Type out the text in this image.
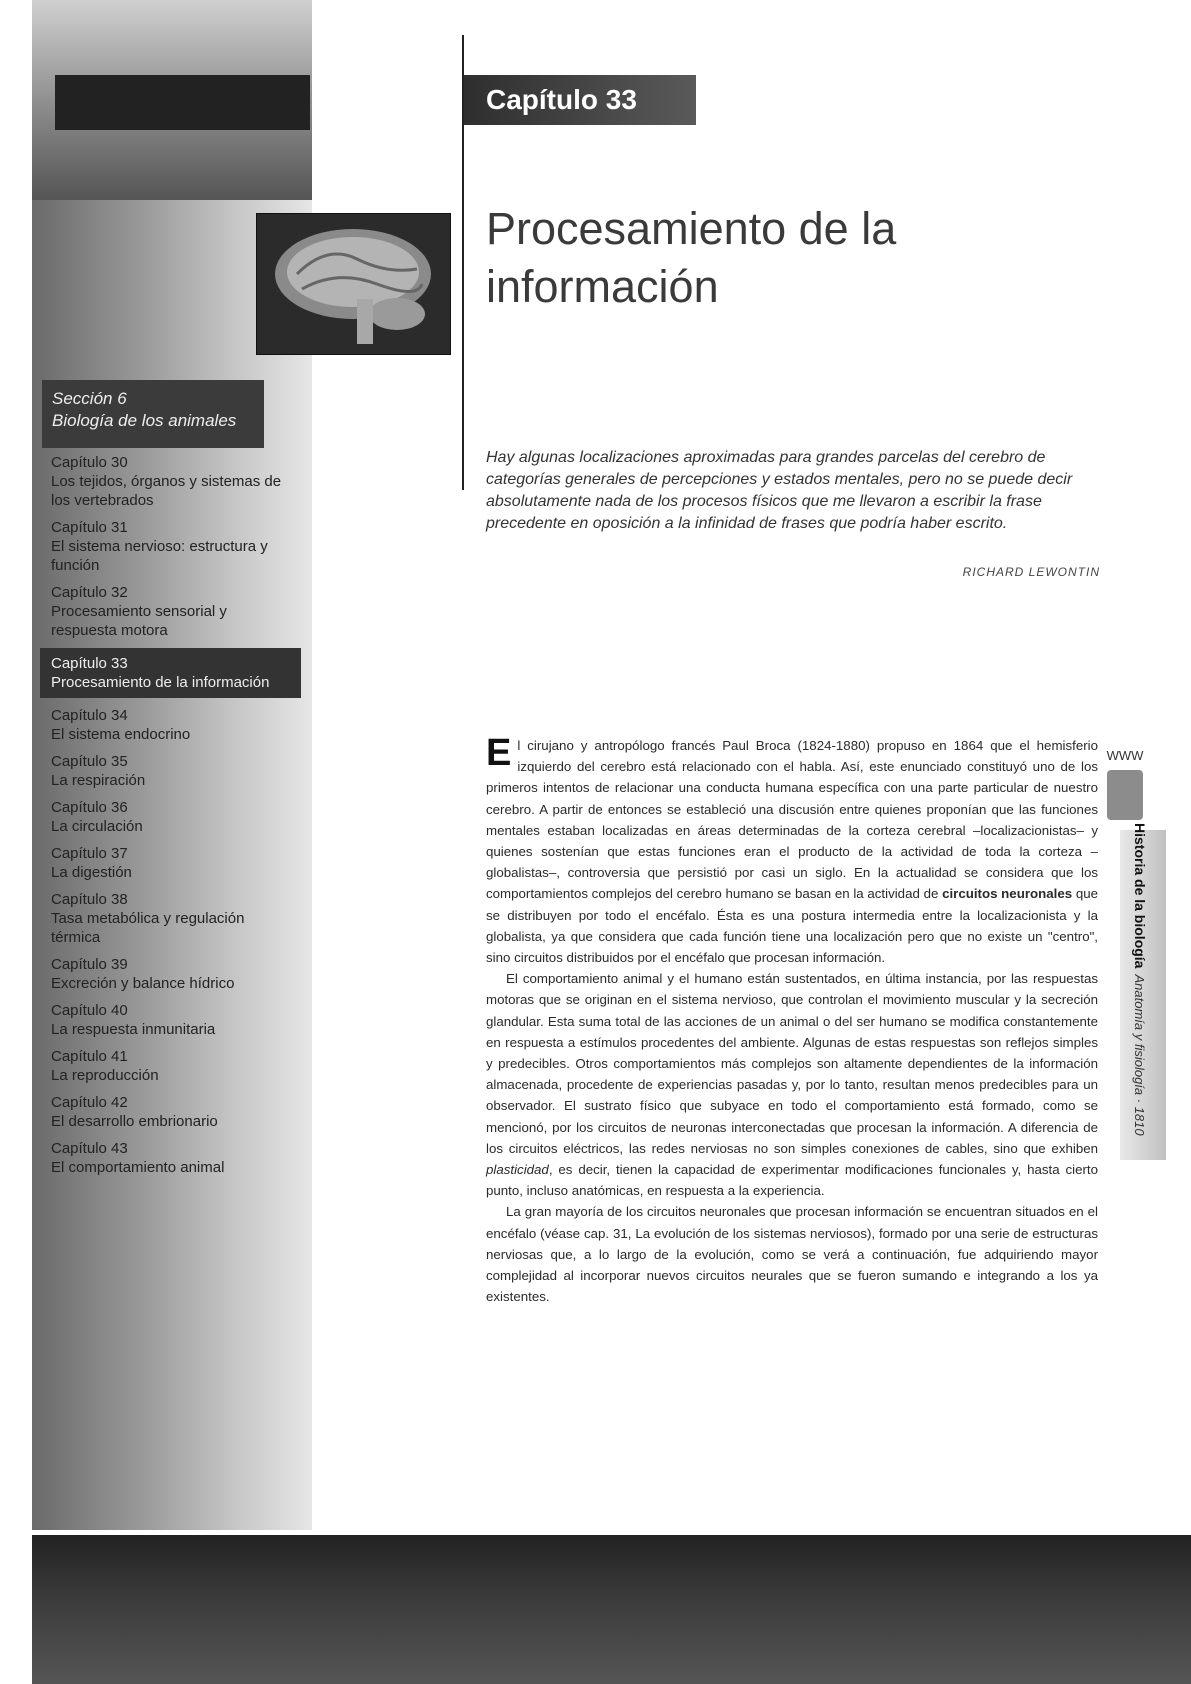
Capítulo 33
Procesamiento de la
información
Sección 6
Biología de los animales
Capítulo 30
Los tejidos, órganos y sistemas de los vertebrados
Capítulo 31
El sistema nervioso: estructura y función
Capítulo 32
Procesamiento sensorial y respuesta motora
Capítulo 33
Procesamiento de la información
Capítulo 34
El sistema endocrino
Capítulo 35
La respiración
Capítulo 36
La circulación
Capítulo 37
La digestión
Capítulo 38
Tasa metabólica y regulación térmica
Capítulo 39
Excreción y balance hídrico
Capítulo 40
La respuesta inmunitaria
Capítulo 41
La reproducción
Capítulo 42
El desarrollo embrionario
Capítulo 43
El comportamiento animal

Hay algunas localizaciones aproximadas para grandes parcelas del cerebro de categorías generales de percepciones y estados mentales, pero no se puede decir absolutamente nada de los procesos físicos que me llevaron a escribir la frase precedente en oposición a la infinidad de frases que podría haber escrito.

RICHARD LEWONTIN

El cirujano y antropólogo francés Paul Broca (1824-1880) propuso en 1864 que el hemisferio izquierdo del cerebro está relacionado con el habla. Así, este enunciado constituyó uno de los primeros intentos de relacionar una conducta humana específica con una parte particular de nuestro cerebro. A partir de entonces se estableció una discusión entre quienes proponían que las funciones mentales estaban localizadas en áreas determinadas de la corteza cerebral –localizacionistas– y quienes sostenían que estas funciones eran el producto de la actividad de toda la corteza –globalistas–, controversia que persistió por casi un siglo. En la actualidad se considera que los comportamientos complejos del cerebro humano se basan en la actividad de circuitos neuronales que se distribuyen por todo el encéfalo. Ésta es una postura intermedia entre la localizacionista y la globalista, ya que considera que cada función tiene una localización pero que no existe un "centro", sino circuitos distribuidos por el encéfalo que procesan información.

El comportamiento animal y el humano están sustentados, en última instancia, por las respuestas motoras que se originan en el sistema nervioso, que controlan el movimiento muscular y la secreción glandular. Esta suma total de las acciones de un animal o del ser humano se modifica constantemente en respuesta a estímulos procedentes del ambiente. Algunas de estas respuestas son reflejos simples y predecibles. Otros comportamientos más complejos son altamente dependientes de la información almacenada, procedente de experiencias pasadas y, por lo tanto, resultan menos predecibles para un observador. El sustrato físico que subyace en todo el comportamiento está formado, como se mencionó, por los circuitos de neuronas interconectadas que procesan la información. A diferencia de los circuitos eléctricos, las redes nerviosas no son simples conexiones de cables, sino que exhiben plasticidad, es decir, tienen la capacidad de experimentar modificaciones funcionales y, hasta cierto punto, incluso anatómicas, en respuesta a la experiencia.

La gran mayoría de los circuitos neuronales que procesan información se encuentran situados en el encéfalo (véase cap. 31, La evolución de los sistemas nerviosos), formado por una serie de estructuras nerviosas que, a lo largo de la evolución, como se verá a continuación, fue adquiriendo mayor complejidad al incorporar nuevos circuitos neurales que se fueron sumando e integrando a los ya existentes.

WWW
Historia de la biologíaAnatomía y fisiología · 1810
